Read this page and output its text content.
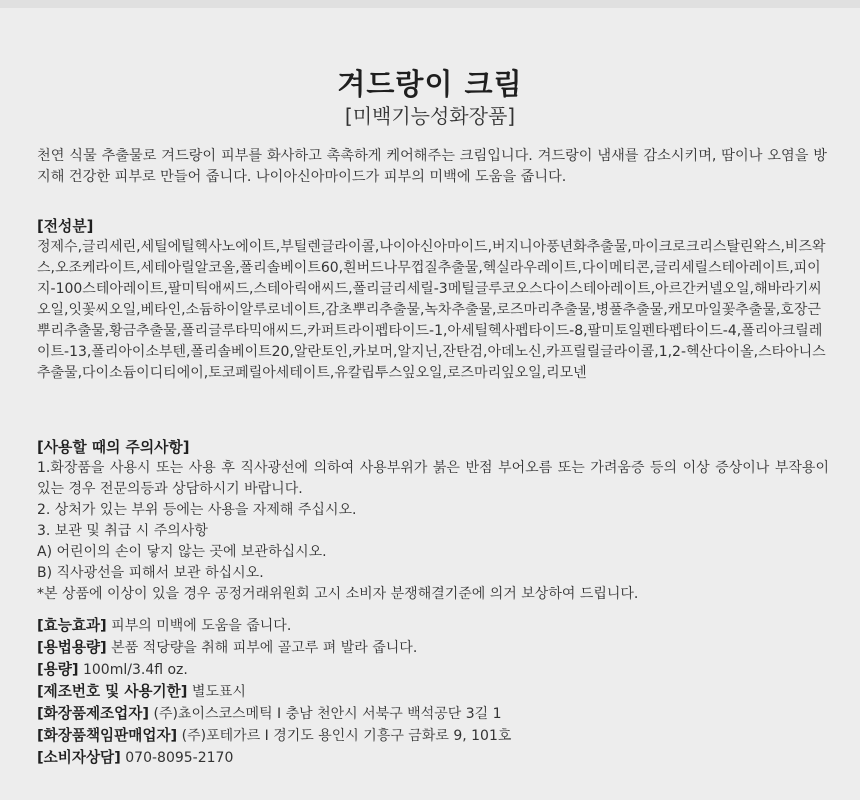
겨드랑이 크림
[미백기능성화장품]
천연 식물 추출물로 겨드랑이 피부를 화사하고 촉촉하게 케어해주는 크림입니다. 겨드랑이 냄새를 감소시키며, 땀이나 오염을 방지해 건강한 피부로 만들어 줍니다. 나이아신아마이드가 피부의 미백에 도움을 줍니다.
[전성분]
정제수,글리세린,세틸에틸헥사노에이트,부틸렌글라이콜,나이아신아마이드,버지니아풍년화추출물,마이크로크리스탈린왁스,비즈왁스,오조케라이트,세테아릴알코올,폴리솔베이트60,흰버드나무껍질추출물,헥실라우레이트,다이메티콘,글리세릴스테아레이트,피이지-100스테아레이트,팔미틱애씨드,스테아릭애씨드,폴리글리세릴-3메틸글루코오스다이스테아레이트,아르간커넬오일,해바라기씨오일,잇꽃씨오일,베타인,소듐하이알루로네이트,감초뿌리추출물,녹차추출물,로즈마리추출물,병풀추출물,캐모마일꽃추출물,호장근뿌리추출물,황금추출물,폴리글루타믹애씨드,카퍼트라이펩타이드-1,아세틸헥사펩타이드-8,팔미토일펜타펩타이드-4,폴리아크릴레이트-13,폴리아이소부텐,폴리솔베이트20,알란토인,카보머,알지닌,잔탄검,아데노신,카프릴릴글라이콜,1,2-헥산다이올,스타아니스추출물,다이소듐이디티에이,토코페릴아세테이트,유칼립투스잎오일,로즈마리잎오일,리모넨
[사용할 때의 주의사항]
1.화장품을 사용시 또는 사용 후 직사광선에 의하여 사용부위가 붉은 반점 부어오름 또는 가려움증 등의 이상 증상이나 부작용이 있는 경우 전문의등과 상담하시기 바랍니다.
2. 상처가 있는 부위 등에는 사용을 자제해 주십시오.
3. 보관 및 취급 시 주의사항
A) 어린이의 손이 닿지 않는 곳에 보관하십시오.
B) 직사광선을 피해서 보관 하십시오.
*본 상품에 이상이 있을 경우 공정거래위원회 고시 소비자 분쟁해결기준에 의거 보상하여 드립니다.
[효능효과] 피부의 미백에 도움을 줍니다.
[용법용량] 본품 적당량을 취해 피부에 골고루 펴 발라 줍니다.
[용량] 100ml/3.4fl oz.
[제조번호 및 사용기한] 별도표시
[화장품제조업자] (주)쵸이스코스메틱 I 충남 천안시 서북구 백석공단 3길 1
[화장품책임판매업자] (주)포테가르 I 경기도 용인시 기흥구 금화로 9, 101호
[소비자상담] 070-8095-2170
